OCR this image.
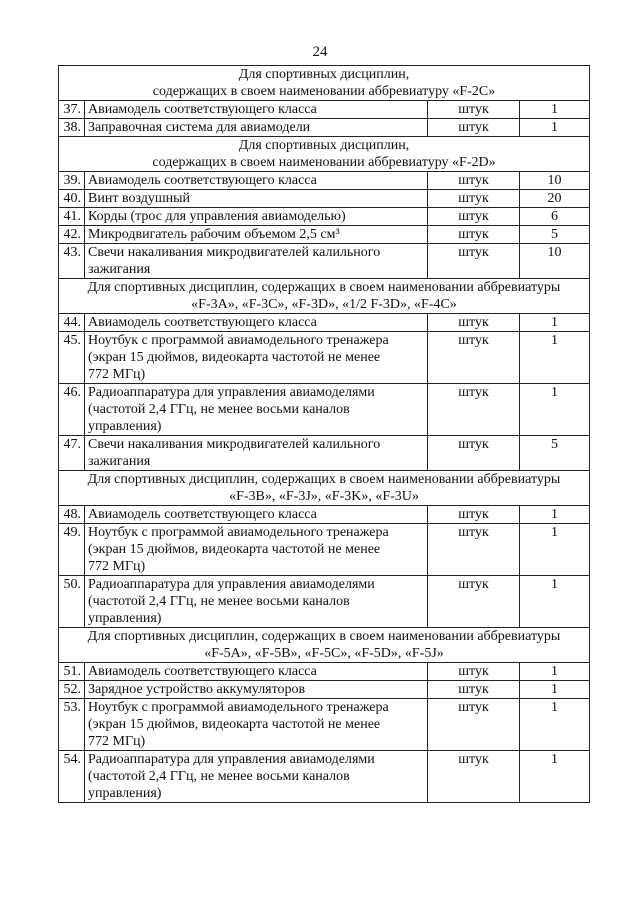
24
Для спортивных дисциплин,
содержащих в своем наименовании аббревиатуру «F-2C»			
37.	Авиамодель соответствующего класса	штук	1
38.	Заправочная система для авиамодели	штук	1
Для спортивных дисциплин,
содержащих в своем наименовании аббревиатуру «F-2D»			
39.	Авиамодель соответствующего класса	штук	10
40.	Винт воздушный	штук	20
41.	Корды (трос для управления авиамоделью)	штук	6
42.	Микродвигатель рабочим объемом 2,5 см³	штук	5
43.	Свечи накаливания микродвигателей калильного
зажигания	штук	10
Для спортивных дисциплин, содержащих в своем наименовании аббревиатуры
«F-3A», «F-3C», «F-3D», «1/2 F-3D», «F-4C»			
44.	Авиамодель соответствующего класса	штук	1
45.	Ноутбук с программой авиамодельного тренажера
(экран 15 дюймов, видеокарта частотой не менее
772 МГц)	штук	1
46.	Радиоаппаратура для управления авиамоделями
(частотой 2,4 ГГц, не менее восьми каналов
управления)	штук	1
47.	Свечи накаливания микродвигателей калильного
зажигания	штук	5
Для спортивных дисциплин, содержащих в своем наименовании аббревиатуры
«F-3B», «F-3J», «F-3K», «F-3U»			
48.	Авиамодель соответствующего класса	штук	1
49.	Ноутбук с программой авиамодельного тренажера
(экран 15 дюймов, видеокарта частотой не менее
772 МГц)	штук	1
50.	Радиоаппаратура для управления авиамоделями
(частотой 2,4 ГГц, не менее восьми каналов
управления)	штук	1
Для спортивных дисциплин, содержащих в своем наименовании аббревиатуры
«F-5A», «F-5B», «F-5C», «F-5D», «F-5J»			
51.	Авиамодель соответствующего класса	штук	1
52.	Зарядное устройство аккумуляторов	штук	1
53.	Ноутбук с программой авиамодельного тренажера
(экран 15 дюймов, видеокарта частотой не менее
772 МГц)	штук	1
54.	Радиоаппаратура для управления авиамоделями
(частотой 2,4 ГГц, не менее восьми каналов
управления)	штук	1
